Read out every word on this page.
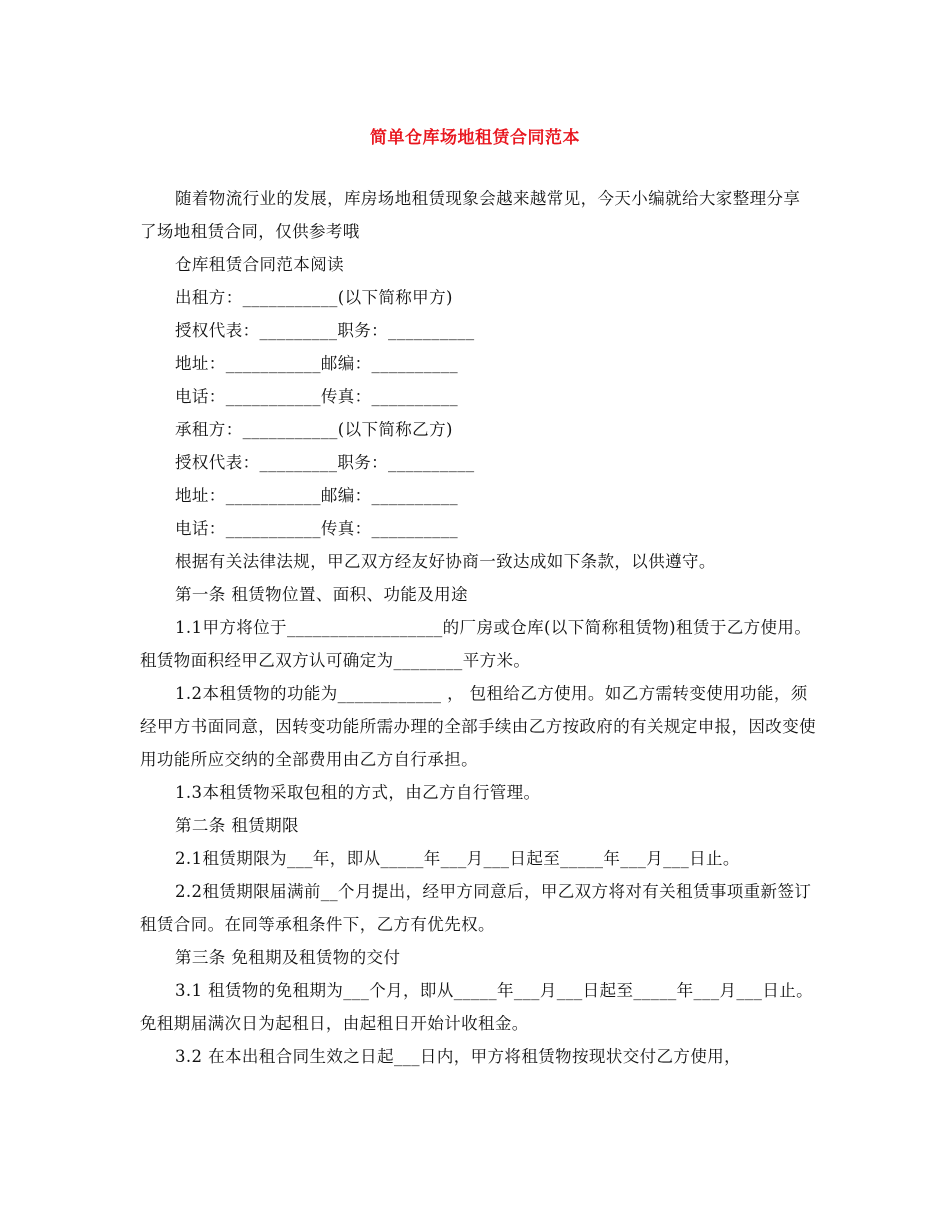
简单仓库场地租赁合同范本

随着物流行业的发展，库房场地租赁现象会越来越常见，今天小编就给大家整理分享了场地租赁合同，仅供参考哦

仓库租赁合同范本阅读

出租方：___________(以下简称甲方)

授权代表：_________职务：__________

地址：___________邮编：__________

电话：___________传真：__________

承租方：___________(以下简称乙方)

授权代表：_________职务：__________

地址：___________邮编：__________

电话：___________传真：__________

根据有关法律法规，甲乙双方经友好协商一致达成如下条款，以供遵守。

第一条 租赁物位置、面积、功能及用途

1.1甲方将位于__________________的厂房或仓库(以下简称租赁物)租赁于乙方使用。租赁物面积经甲乙双方认可确定为________平方米。

1.2本租赁物的功能为____________ ， 包租给乙方使用。如乙方需转变使用功能，须经甲方书面同意，因转变功能所需办理的全部手续由乙方按政府的有关规定申报，因改变使用功能所应交纳的全部费用由乙方自行承担。

1.3本租赁物采取包租的方式，由乙方自行管理。

第二条 租赁期限

2.1租赁期限为___年，即从_____年___月___日起至_____年___月___日止。

2.2租赁期限届满前__个月提出，经甲方同意后，甲乙双方将对有关租赁事项重新签订租赁合同。在同等承租条件下，乙方有优先权。

第三条 免租期及租赁物的交付

3.1 租赁物的免租期为___个月，即从_____年___月___日起至_____年___月___日止。免租期届满次日为起租日，由起租日开始计收租金。

3.2 在本出租合同生效之日起___日内，甲方将租赁物按现状交付乙方使用，
